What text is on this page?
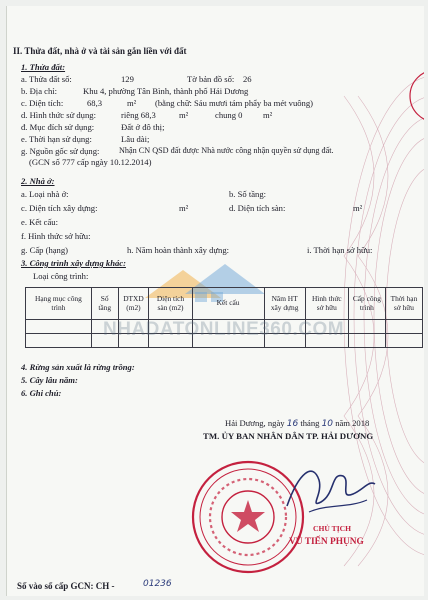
II. Thửa đất, nhà ở và tài sản gắn liền với đất
1. Thửa đất:
a. Thửa đất số:	129	Tờ bản đồ số: 26
b. Địa chỉ:	Khu 4, phường Tân Bình, thành phố Hải Dương
c. Diện tích:	68,3	m² (bằng chữ: Sáu mươi tám phẩy ba mét vuông)
d. Hình thức sử dụng:	riêng 68,3	m²	chung 0 m²
đ. Mục đích sử dụng:	Đất ở đô thị;
e. Thời hạn sử dụng:	Lâu dài;
g. Nguồn gốc sử dụng: Nhận CN QSD đất được Nhà nước công nhận quyền sử dụng đất.
(GCN số 777 cấp ngày 10.12.2014)
2. Nhà ở:
a. Loại nhà ở:	b. Số tầng:
c. Diện tích xây dựng:	m²	d. Diện tích sàn:	m²
e. Kết cấu:
f. Hình thức sở hữu:
g. Cấp (hạng)	h. Năm hoàn thành xây dựng:	i. Thời hạn sở hữu:
3. Công trình xây dựng khác:
Loại công trình:
Hạng mục công trình	Số tầng	DTXD (m2)	Diện tích sàn (m2)	Kết cấu	Năm HT xây dựng	Hình thức sở hữu	Cấp công trình	Thời hạn sở hữu

NHADATONLINE360.COM
4. Rừng sản xuất là rừng trồng:
5. Cây lâu năm:
6. Ghi chú:
Hải Dương, ngày 16 tháng 10 năm 2018
TM. ỦY BAN NHÂN DÂN TP. HẢI DƯƠNG
CHỦ TỊCH
VŨ TIẾN PHỤNG
Số vào sổ cấp GCN: CH -	01236
